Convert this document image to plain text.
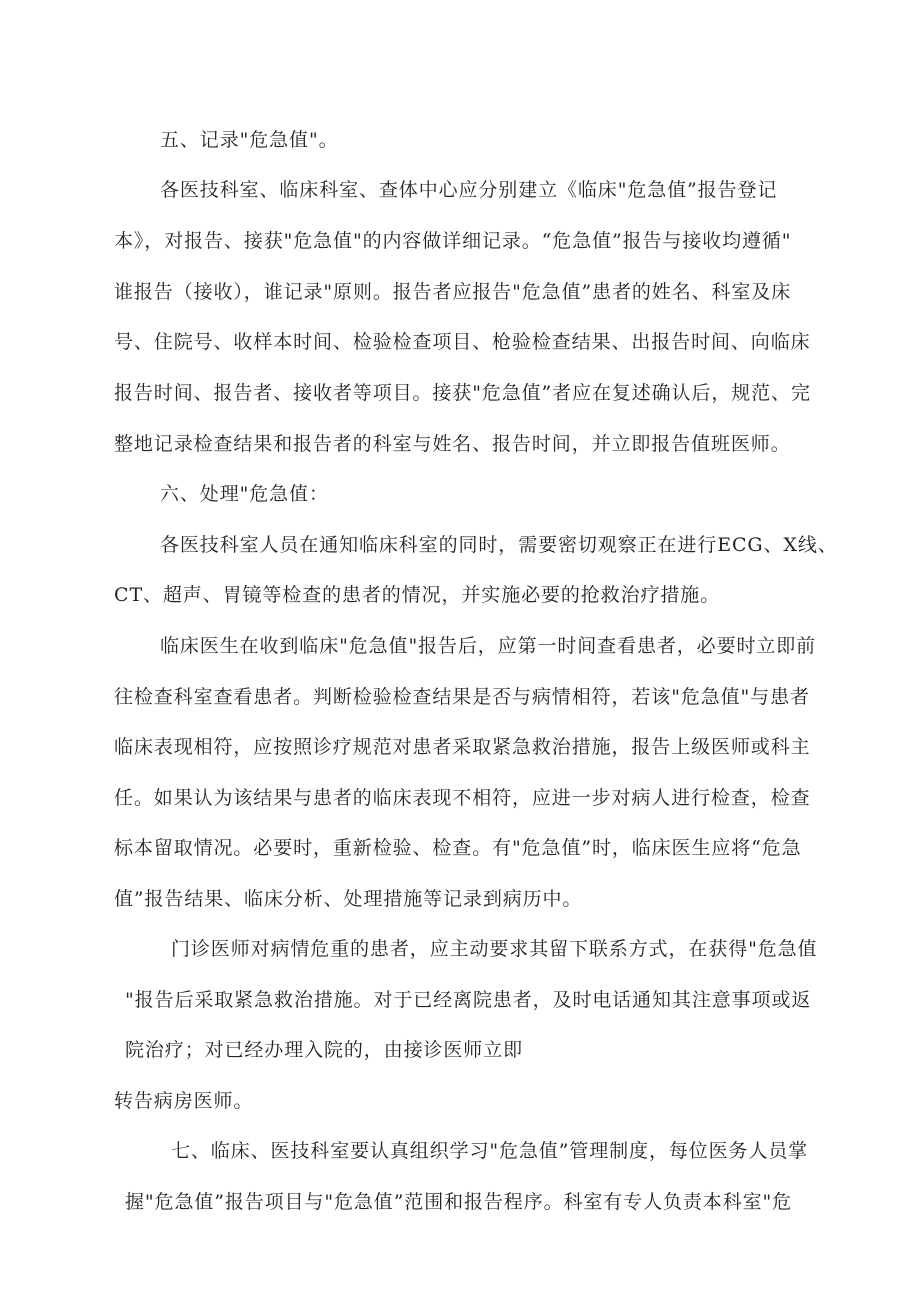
五、记录"危急值"。
各医技科室、临床科室、查体中心应分别建立《临床"危急值”报告登记
本》，对报告、接获"危急值"的内容做详细记录。“危急值”报告与接收均遵循"
谁报告（接收），谁记录"原则。报告者应报告"危急值”患者的姓名、科室及床
号、住院号、收样本时间、检验检查项目、枪验检查结果、出报告时间、向临床
报告时间、报告者、接收者等项目。接获"危急值”者应在复述确认后，规范、完
整地记录检查结果和报告者的科室与姓名、报告时间，并立即报告值班医师。
六、处理"危急值：
各医技科室人员在通知临床科室的同时，需要密切观察正在进行ECG、X线、
CT、超声、胃镜等检查的患者的情况，并实施必要的抢救治疗措施。
临床医生在收到临床"危急值"报告后，应第一时间查看患者，必要时立即前
往检查科室查看患者。判断检验检查结果是否与病情相符，若该"危急值"与患者
临床表现相符，应按照诊疗规范对患者采取紧急救治措施，报告上级医师或科主
任。如果认为该结果与患者的临床表现不相符，应进一步对病人进行检查，检查
标本留取情况。必要时，重新检验、检查。有"危急值”时，临床医生应将“危急
值”报告结果、临床分析、处理措施等记录到病历中。
门诊医师对病情危重的患者，应主动要求其留下联系方式，在获得"危急值
"报告后采取紧急救治措施。对于已经离院患者，及时电话通知其注意事项或返
院治疗；对已经办理入院的，由接诊医师立即
转告病房医师。
七、临床、医技科室要认真组织学习"危急值”管理制度，每位医务人员掌
握"危急值”报告项目与"危急值”范围和报告程序。科室有专人负责本科室"危
